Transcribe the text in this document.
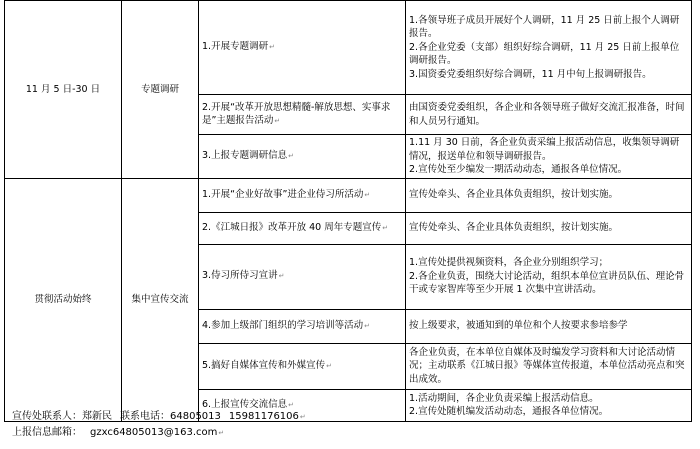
11 月 5 日-30 日	专题调研	1.开展专题调研↵	1.各领导班子成员开展好个人调研，11 月 25 日前上报个人调研报告。
2.各企业党委（支部）组织好综合调研，11 月 25 日前上报单位调研报告。
3.国资委党委组织好综合调研，11 月中旬上报调研报告。

		2.开展“改革开放思想精髓-解放思想、实事求是”主题报告活动↵	由国资委党委组织，各企业和各领导班子做好交流汇报准备，时间和人员另行通知。

		3.上报专题调研信息↵	1.11 月 30 日前，各企业负责采编上报活动信息，收集领导调研情况，报送单位和领导调研报告。
2.宣传处至少编发一期活动动态，通报各单位情况。

贯彻活动始终	集中宣传交流	1.开展“企业好故事”进企业侍习所活动↵	宣传处牵头、各企业具体负责组织，按计划实施。

		2.《江城日报》改革开放 40 周年专题宣传↵	宣传处牵头、各企业具体负责组织，按计划实施。

		3.侍习所侍习宣讲↵	1.宣传处提供视频资料，各企业分别组织学习；
2.各企业负责，围绕大讨论活动，组织本单位宣讲员队伍、理论骨干或专家智库等至少开展 1 次集中宣讲活动。

		4.参加上级部门组织的学习培训等活动↵	按上级要求，被通知到的单位和个人按要求参培参学

		5.搞好自媒体宣传和外媒宣传↵	各企业负责，在本单位自媒体及时编发学习资料和大讨论活动情况；主动联系《江城日报》等媒体宣传报道，本单位活动亮点和突出成效。

		6.上报宣传交流信息↵	1.活动期间，各企业负责采编上报活动信息。
2.宣传处随机编发活动动态，通报各单位情况。
宣传处联系人：郑新民 联系电话：64805013 15981176106↵
上报信息邮箱： gzxc64805013@163.com↵
